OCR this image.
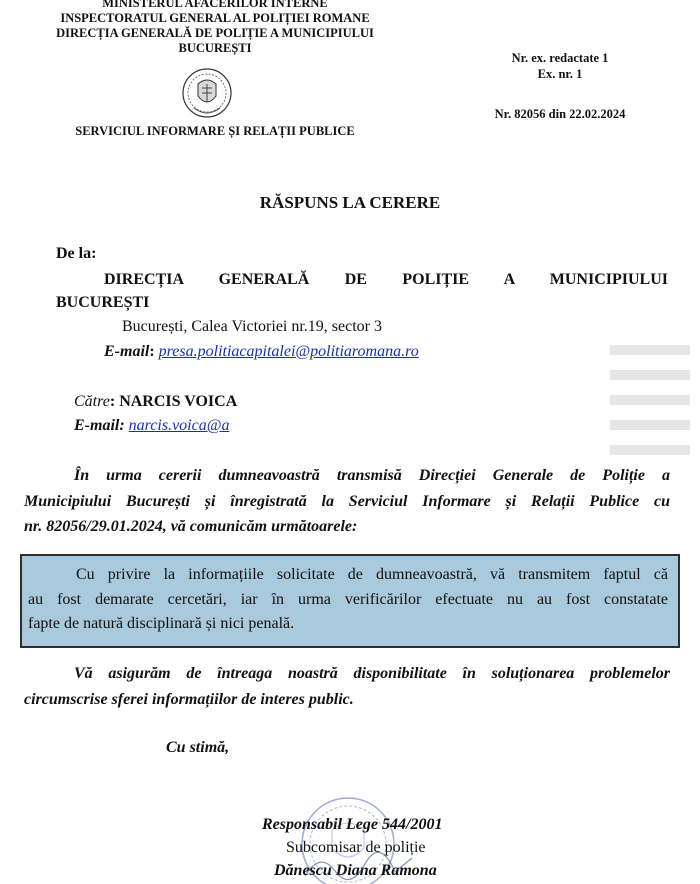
MINISTERUL AFACERILOR INTERNE
INSPECTORATUL GENERAL AL POLIȚIEI ROMANE
DIRECȚIA GENERALĂ DE POLIȚIE A MUNICIPIULUI
BUCUREȘTI
SERVICIUL INFORMARE ȘI RELAȚII PUBLICE
Nr. ex. redactate 1
Ex. nr. 1
Nr. 82056 din 22.02.2024
RĂSPUNS LA CERERE
De la:
DIRECȚIA GENERALĂ DE POLIȚIE A MUNICIPIULUI
BUCUREȘTI
București, Calea Victoriei nr.19, sector 3
E-mail: presa.politiacapitalei@politiaromana.ro
Către: NARCIS VOICA
E-mail: narcis.voica@a
În urma cererii dumneavoastră transmisă Direcției Generale de Poliție a
Municipiului București și înregistrată la Serviciul Informare și Relații Publice cu
nr. 82056/29.01.2024, vă comunicăm următoarele:
Cu privire la informațiile solicitate de dumneavoastră, vă transmitem faptul că
au fost demarate cercetări, iar în urma verificărilor efectuate nu au fost constatate
fapte de natură disciplinară și nici penală.
Vă asigurăm de întreaga noastră disponibilitate în soluționarea problemelor
circumscrise sferei informațiilor de interes public.
Cu stimă,
Responsabil Lege 544/2001
Subcomisar de poliție
Dănescu Diana Ramona
